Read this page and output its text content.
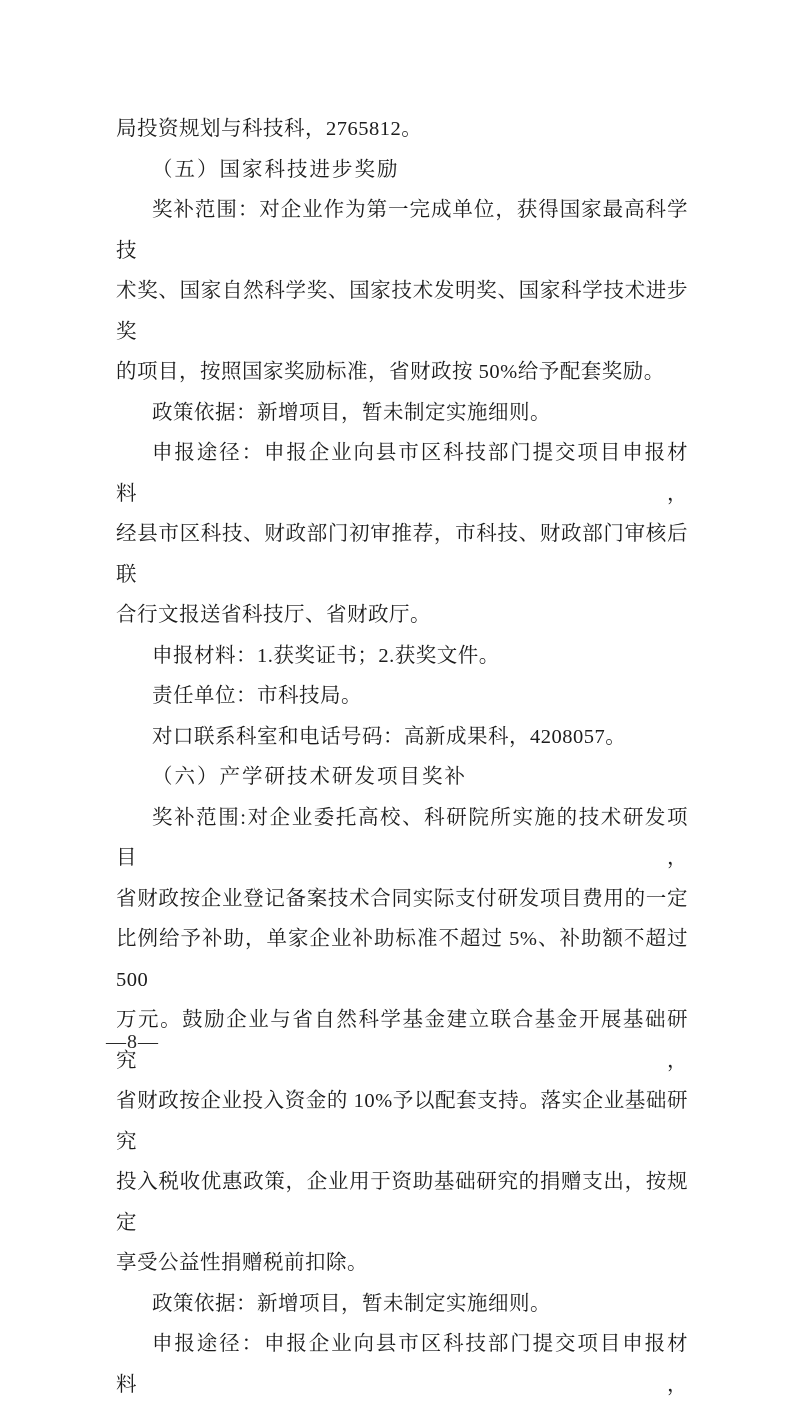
局投资规划与科技科，2765812。
（五）国家科技进步奖励
奖补范围：对企业作为第一完成单位，获得国家最高科学技
术奖、国家自然科学奖、国家技术发明奖、国家科学技术进步奖
的项目，按照国家奖励标准，省财政按 50%给予配套奖励。
政策依据：新增项目，暂未制定实施细则。
申报途径：申报企业向县市区科技部门提交项目申报材料，
经县市区科技、财政部门初审推荐，市科技、财政部门审核后联
合行文报送省科技厅、省财政厅。
申报材料：1.获奖证书；2.获奖文件。
责任单位：市科技局。
对口联系科室和电话号码：高新成果科，4208057。
（六）产学研技术研发项目奖补
奖补范围:对企业委托高校、科研院所实施的技术研发项目，
省财政按企业登记备案技术合同实际支付研发项目费用的一定
比例给予补助，单家企业补助标准不超过 5%、补助额不超过 500
万元。鼓励企业与省自然科学基金建立联合基金开展基础研究，
省财政按企业投入资金的 10%予以配套支持。落实企业基础研究
投入税收优惠政策，企业用于资助基础研究的捐赠支出，按规定
享受公益性捐赠税前扣除。
政策依据：新增项目，暂未制定实施细则。
申报途径：申报企业向县市区科技部门提交项目申报材料，
—8—
